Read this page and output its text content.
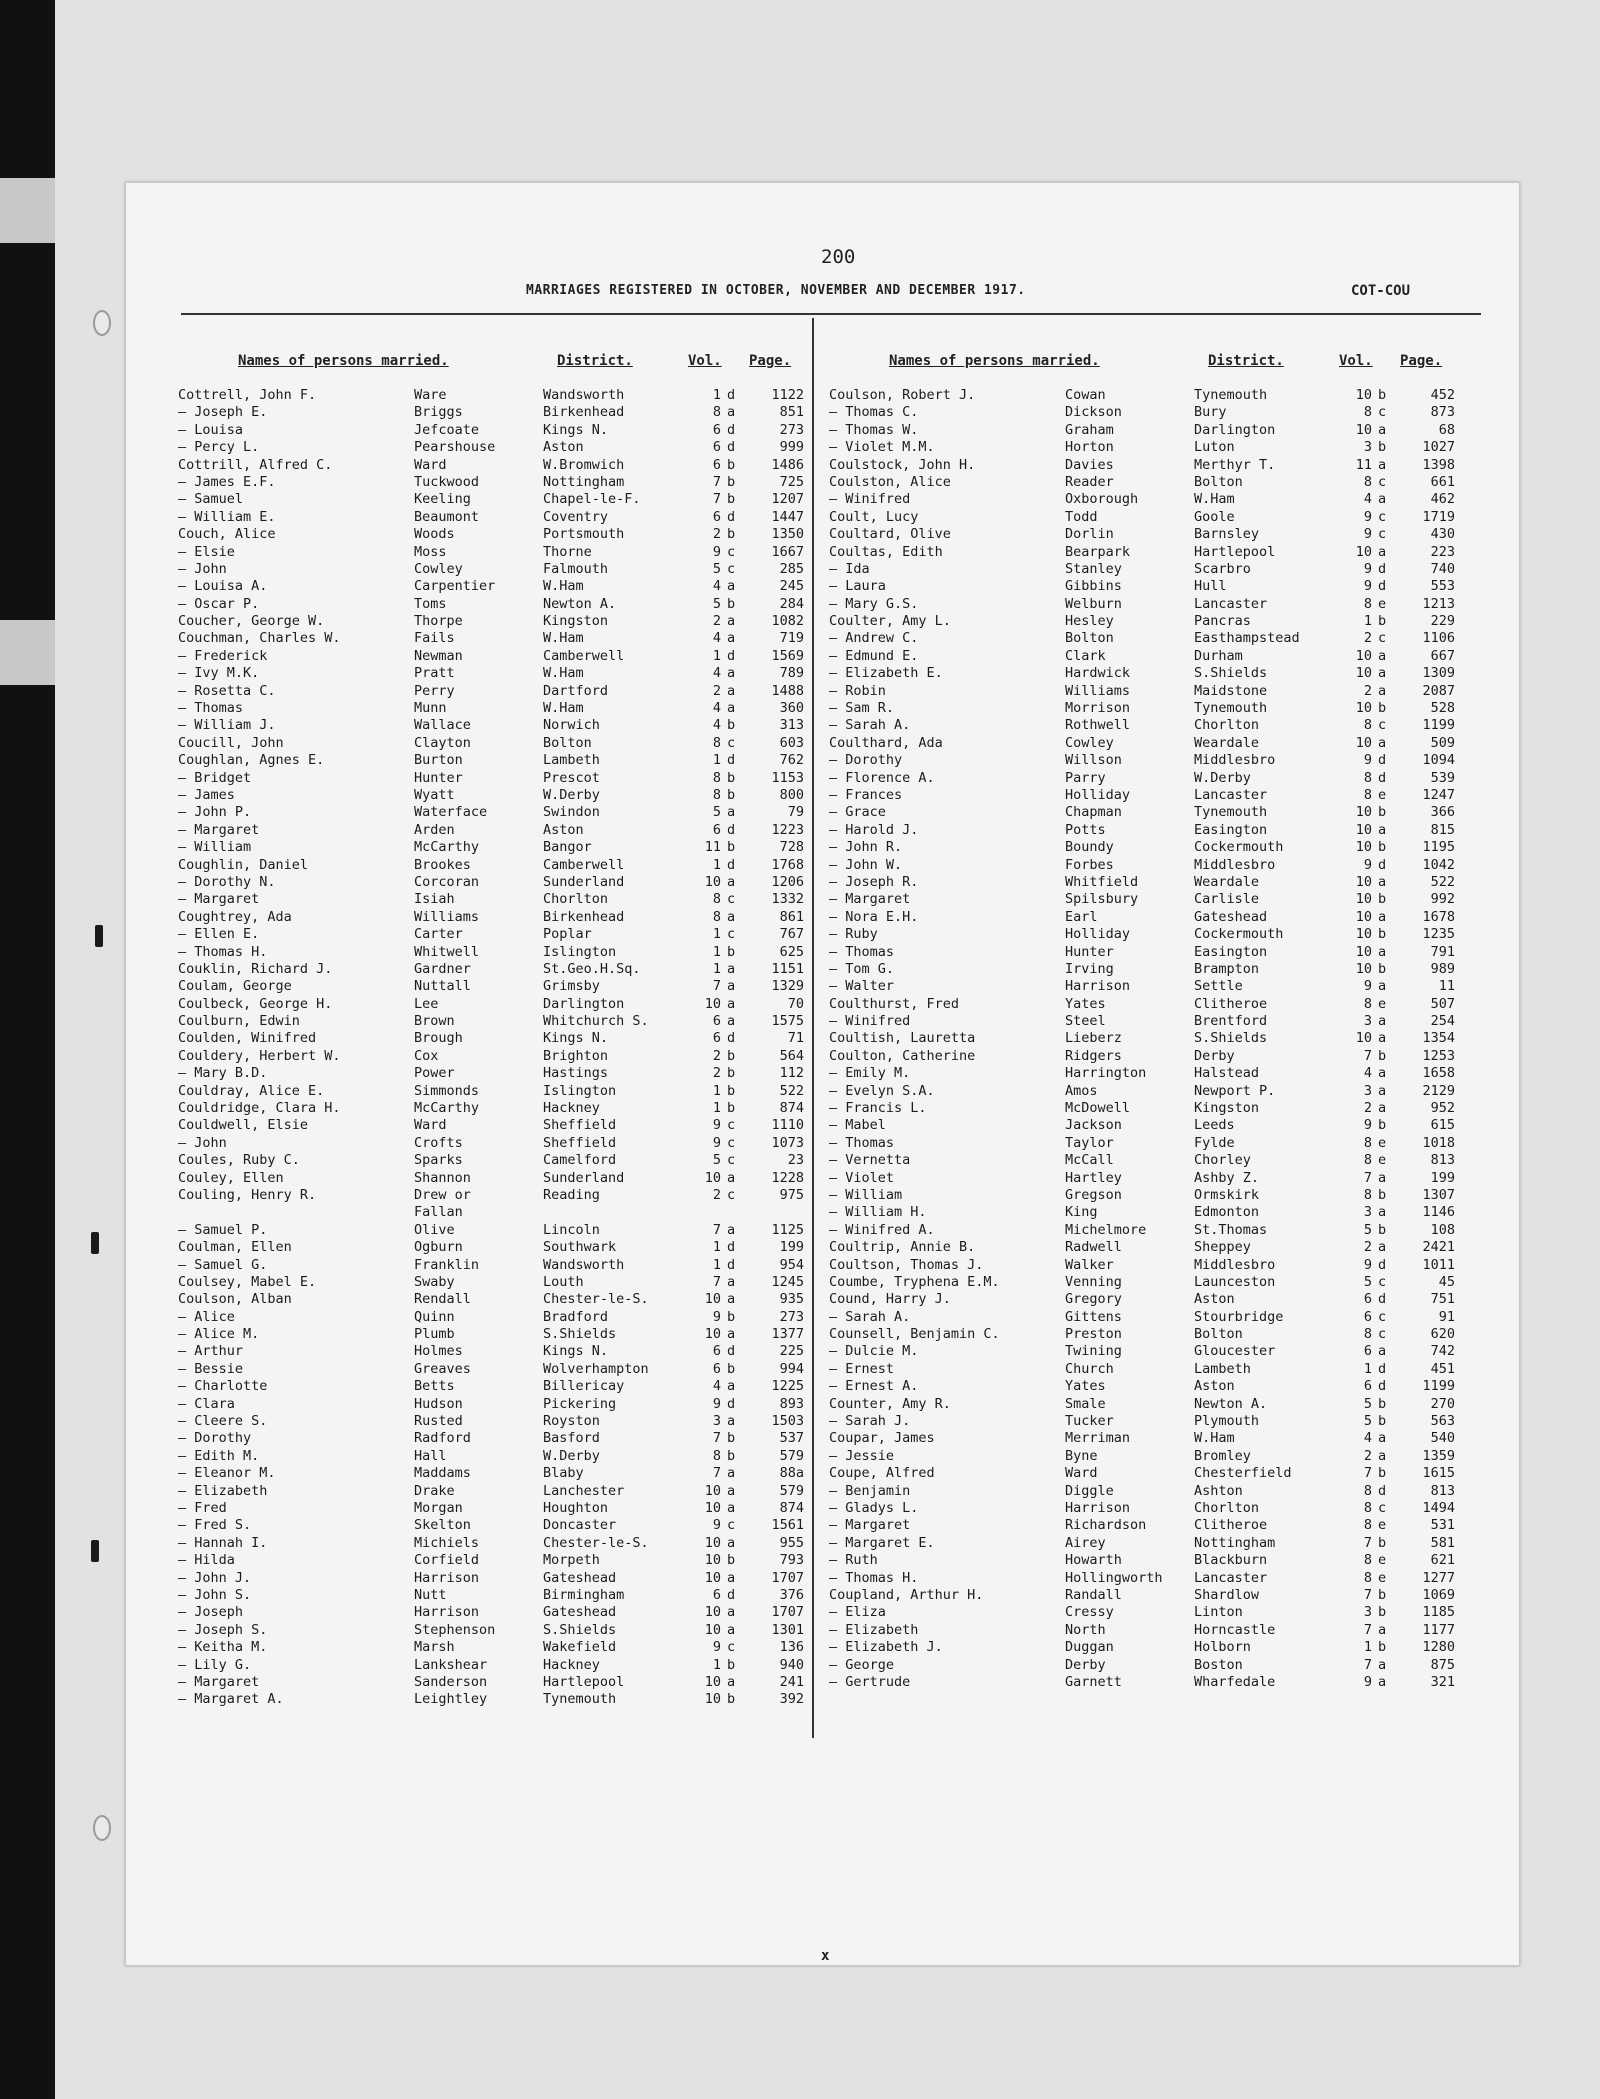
200
MARRIAGES REGISTERED IN OCTOBER, NOVEMBER AND DECEMBER 1917.	COT-COU
Names of persons married.	District.	Vol. Page.
Cottrell, John F.	Ware	Wandsworth	1 d	1122
— Joseph E.	Briggs	Birkenhead	8 a	851
— Louisa	Jefcoate	Kings N.	6 d	273
— Percy L.	Pearshouse	Aston	6 d	999
Cottrill, Alfred C.	Ward	W.Bromwich	6 b	1486
— James E.F.	Tuckwood	Nottingham	7 b	725
— Samuel	Keeling	Chapel-le-F.	7 b	1207
— William E.	Beaumont	Coventry	6 d	1447
Couch, Alice	Woods	Portsmouth	2 b	1350
— Elsie	Moss	Thorne	9 c	1667
— John	Cowley	Falmouth	5 c	285
— Louisa A.	Carpentier	W.Ham	4 a	245
— Oscar P.	Toms	Newton A.	5 b	284
Coucher, George W.	Thorpe	Kingston	2 a	1082
Couchman, Charles W.	Fails	W.Ham	4 a	719
— Frederick	Newman	Camberwell	1 d	1569
— Ivy M.K.	Pratt	W.Ham	4 a	789
— Rosetta C.	Perry	Dartford	2 a	1488
— Thomas	Munn	W.Ham	4 a	360
— William J.	Wallace	Norwich	4 b	313
Coucill, John	Clayton	Bolton	8 c	603
Coughlan, Agnes E.	Burton	Lambeth	1 d	762
— Bridget	Hunter	Prescot	8 b	1153
— James	Wyatt	W.Derby	8 b	800
— John P.	Waterface	Swindon	5 a	79
— Margaret	Arden	Aston	6 d	1223
— William	McCarthy	Bangor	11 b	728
Coughlin, Daniel	Brookes	Camberwell	1 d	1768
— Dorothy N.	Corcoran	Sunderland	10 a	1206
— Margaret	Isiah	Chorlton	8 c	1332
Coughtrey, Ada	Williams	Birkenhead	8 a	861
— Ellen E.	Carter	Poplar	1 c	767
— Thomas H.	Whitwell	Islington	1 b	625
Couklin, Richard J.	Gardner	St.Geo.H.Sq.	1 a	1151
Coulam, George	Nuttall	Grimsby	7 a	1329
Coulbeck, George H.	Lee	Darlington	10 a	70
Coulburn, Edwin	Brown	Whitchurch S.	6 a	1575
Coulden, Winifred	Brough	Kings N.	6 d	71
Couldery, Herbert W.	Cox	Brighton	2 b	564
— Mary B.D.	Power	Hastings	2 b	112
Couldray, Alice E.	Simmonds	Islington	1 b	522
Couldridge, Clara H.	McCarthy	Hackney	1 b	874
Couldwell, Elsie	Ward	Sheffield	9 c	1110
— John	Crofts	Sheffield	9 c	1073
Coules, Ruby C.	Sparks	Camelford	5 c	23
Couley, Ellen	Shannon	Sunderland	10 a	1228
Couling, Henry R.	Drew or	Reading	2 c	975
Fallan
— Samuel P.	Olive	Lincoln	7 a	1125
Coulman, Ellen	Ogburn	Southwark	1 d	199
— Samuel G.	Franklin	Wandsworth	1 d	954
Coulsey, Mabel E.	Swaby	Louth	7 a	1245
Coulson, Alban	Rendall	Chester-le-S.	10 a	935
— Alice	Quinn	Bradford	9 b	273
— Alice M.	Plumb	S.Shields	10 a	1377
— Arthur	Holmes	Kings N.	6 d	225
— Bessie	Greaves	Wolverhampton	6 b	994
— Charlotte	Betts	Billericay	4 a	1225
— Clara	Hudson	Pickering	9 d	893
— Cleere S.	Rusted	Royston	3 a	1503
— Dorothy	Radford	Basford	7 b	537
— Edith M.	Hall	W.Derby	8 b	579
— Eleanor M.	Maddams	Blaby	7 a	88a
— Elizabeth	Drake	Lanchester	10 a	579
— Fred	Morgan	Houghton	10 a	874
— Fred S.	Skelton	Doncaster	9 c	1561
— Hannah I.	Michiels	Chester-le-S.	10 a	955
— Hilda	Corfield	Morpeth	10 b	793
— John J.	Harrison	Gateshead	10 a	1707
— John S.	Nutt	Birmingham	6 d	376
— Joseph	Harrison	Gateshead	10 a	1707
— Joseph S.	Stephenson	S.Shields	10 a	1301
— Keitha M.	Marsh	Wakefield	9 c	136
— Lily G.	Lankshear	Hackney	1 b	940
— Margaret	Sanderson	Hartlepool	10 a	241
— Margaret A.	Leightley	Tynemouth	10 b	392
Names of persons married.	District.	Vol. Page.
Coulson, Robert J.	Cowan	Tynemouth	10 b	452
— Thomas C.	Dickson	Bury	8 c	873
— Thomas W.	Graham	Darlington	10 a	68
— Violet M.M.	Horton	Luton	3 b	1027
Coulstock, John H.	Davies	Merthyr T.	11 a	1398
Coulston, Alice	Reader	Bolton	8 c	661
— Winifred	Oxborough	W.Ham	4 a	462
Coult, Lucy	Todd	Goole	9 c	1719
Coultard, Olive	Dorlin	Barnsley	9 c	430
Coultas, Edith	Bearpark	Hartlepool	10 a	223
— Ida	Stanley	Scarbro	9 d	740
— Laura	Gibbins	Hull	9 d	553
— Mary G.S.	Welburn	Lancaster	8 e	1213
Coulter, Amy L.	Hesley	Pancras	1 b	229
— Andrew C.	Bolton	Easthampstead	2 c	1106
— Edmund E.	Clark	Durham	10 a	667
— Elizabeth E.	Hardwick	S.Shields	10 a	1309
— Robin	Williams	Maidstone	2 a	2087
— Sam R.	Morrison	Tynemouth	10 b	528
— Sarah A.	Rothwell	Chorlton	8 c	1199
Coulthard, Ada	Cowley	Weardale	10 a	509
— Dorothy	Willson	Middlesbro	9 d	1094
— Florence A.	Parry	W.Derby	8 d	539
— Frances	Holliday	Lancaster	8 e	1247
— Grace	Chapman	Tynemouth	10 b	366
— Harold J.	Potts	Easington	10 a	815
— John R.	Boundy	Cockermouth	10 b	1195
— John W.	Forbes	Middlesbro	9 d	1042
— Joseph R.	Whitfield	Weardale	10 a	522
— Margaret	Spilsbury	Carlisle	10 b	992
— Nora E.H.	Earl	Gateshead	10 a	1678
— Ruby	Holliday	Cockermouth	10 b	1235
— Thomas	Hunter	Easington	10 a	791
— Tom G.	Irving	Brampton	10 b	989
— Walter	Harrison	Settle	9 a	11
Coulthurst, Fred	Yates	Clitheroe	8 e	507
— Winifred	Steel	Brentford	3 a	254
Coultish, Lauretta	Lieberz	S.Shields	10 a	1354
Coulton, Catherine	Ridgers	Derby	7 b	1253
— Emily M.	Harrington	Halstead	4 a	1658
— Evelyn S.A.	Amos	Newport P.	3 a	2129
— Francis L.	McDowell	Kingston	2 a	952
— Mabel	Jackson	Leeds	9 b	615
— Thomas	Taylor	Fylde	8 e	1018
— Vernetta	McCall	Chorley	8 e	813
— Violet	Hartley	Ashby Z.	7 a	199
— William	Gregson	Ormskirk	8 b	1307
— William H.	King	Edmonton	3 a	1146
— Winifred A.	Michelmore	St.Thomas	5 b	108
Coultrip, Annie B.	Radwell	Sheppey	2 a	2421
Coultson, Thomas J.	Walker	Middlesbro	9 d	1011
Coumbe, Tryphena E.M.	Venning	Launceston	5 c	45
Cound, Harry J.	Gregory	Aston	6 d	751
— Sarah A.	Gittens	Stourbridge	6 c	91
Counsell, Benjamin C.	Preston	Bolton	8 c	620
— Dulcie M.	Twining	Gloucester	6 a	742
— Ernest	Church	Lambeth	1 d	451
— Ernest A.	Yates	Aston	6 d	1199
Counter, Amy R.	Smale	Newton A.	5 b	270
— Sarah J.	Tucker	Plymouth	5 b	563
Coupar, James	Merriman	W.Ham	4 a	540
— Jessie	Byne	Bromley	2 a	1359
Coupe, Alfred	Ward	Chesterfield	7 b	1615
— Benjamin	Diggle	Ashton	8 d	813
— Gladys L.	Harrison	Chorlton	8 c	1494
— Margaret	Richardson	Clitheroe	8 e	531
— Margaret E.	Airey	Nottingham	7 b	581
— Ruth	Howarth	Blackburn	8 e	621
— Thomas H.	Hollingworth	Lancaster	8 e	1277
Coupland, Arthur H.	Randall	Shardlow	7 b	1069
— Eliza	Cressy	Linton	3 b	1185
— Elizabeth	North	Horncastle	7 a	1177
— Elizabeth J.	Duggan	Holborn	1 b	1280
— George	Derby	Boston	7 a	875
— Gertrude	Garnett	Wharfedale	9 a	321
x
